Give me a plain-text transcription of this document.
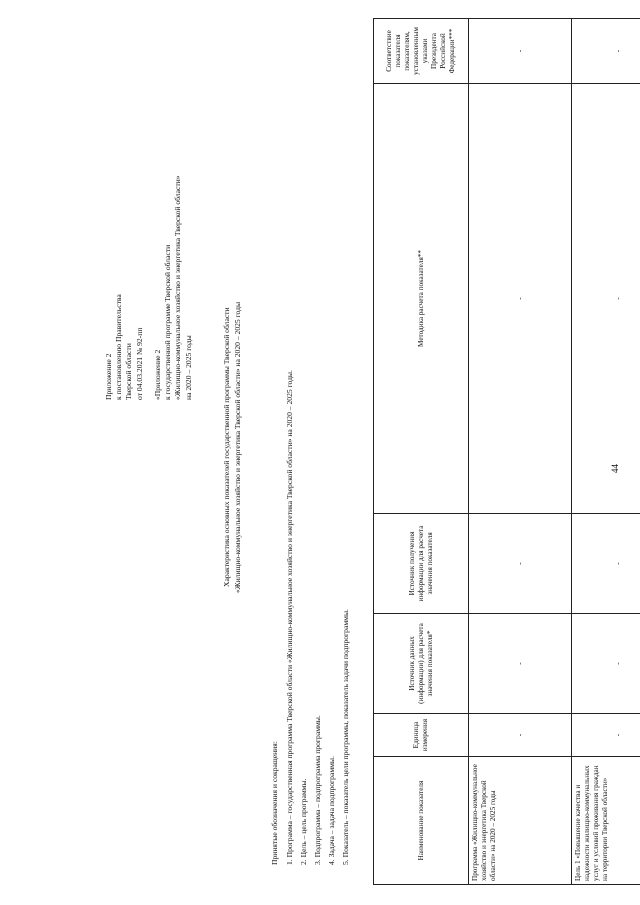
44
Приложение 2 к постановлению Правительства Тверской области от 04.03.2021 № 92-пп «Приложение 2 к государственной программе Тверской области «Жилищно-коммунальное хозяйство и энергетика Тверской области» на 2020 – 2025 годы	Характеристика основных показателей государственной программы Тверской области «Жилищно-коммунальное хозяйство и энергетика Тверской области» на 2020 – 2025 годы
Принятые обозначения и сокращения: 1. Программа – государственная программа Тверской области «Жилищно-коммунальное хозяйство и энергетика Тверской области» на 2020 – 2025 годы. 2. Цель – цель программы. 3. Подпрограмма – подпрограмма программы. 4. Задача – задача подпрограммы. 5. Показатель – показатель цели программы, показатель задачи подпрограммы.	Наименование показателя	Единица измерения	Источник данных (информации) для расчета значения показателя*	Источник получения информации для расчета значения показателя	Методика расчета показателя**	Соответствие показателя показателям, установленным указами Президента Российской Федерации***
Программа «Жилищно-коммунальное хозяйство и энергетика Тверской области» на 2020 – 2025 годы	-	-	-	-	-
Цель 1 «Повышение качества и надежности жилищно-коммунальных услуг и условий проживания граждан на территории Тверской области»	-	-	-	-	-
